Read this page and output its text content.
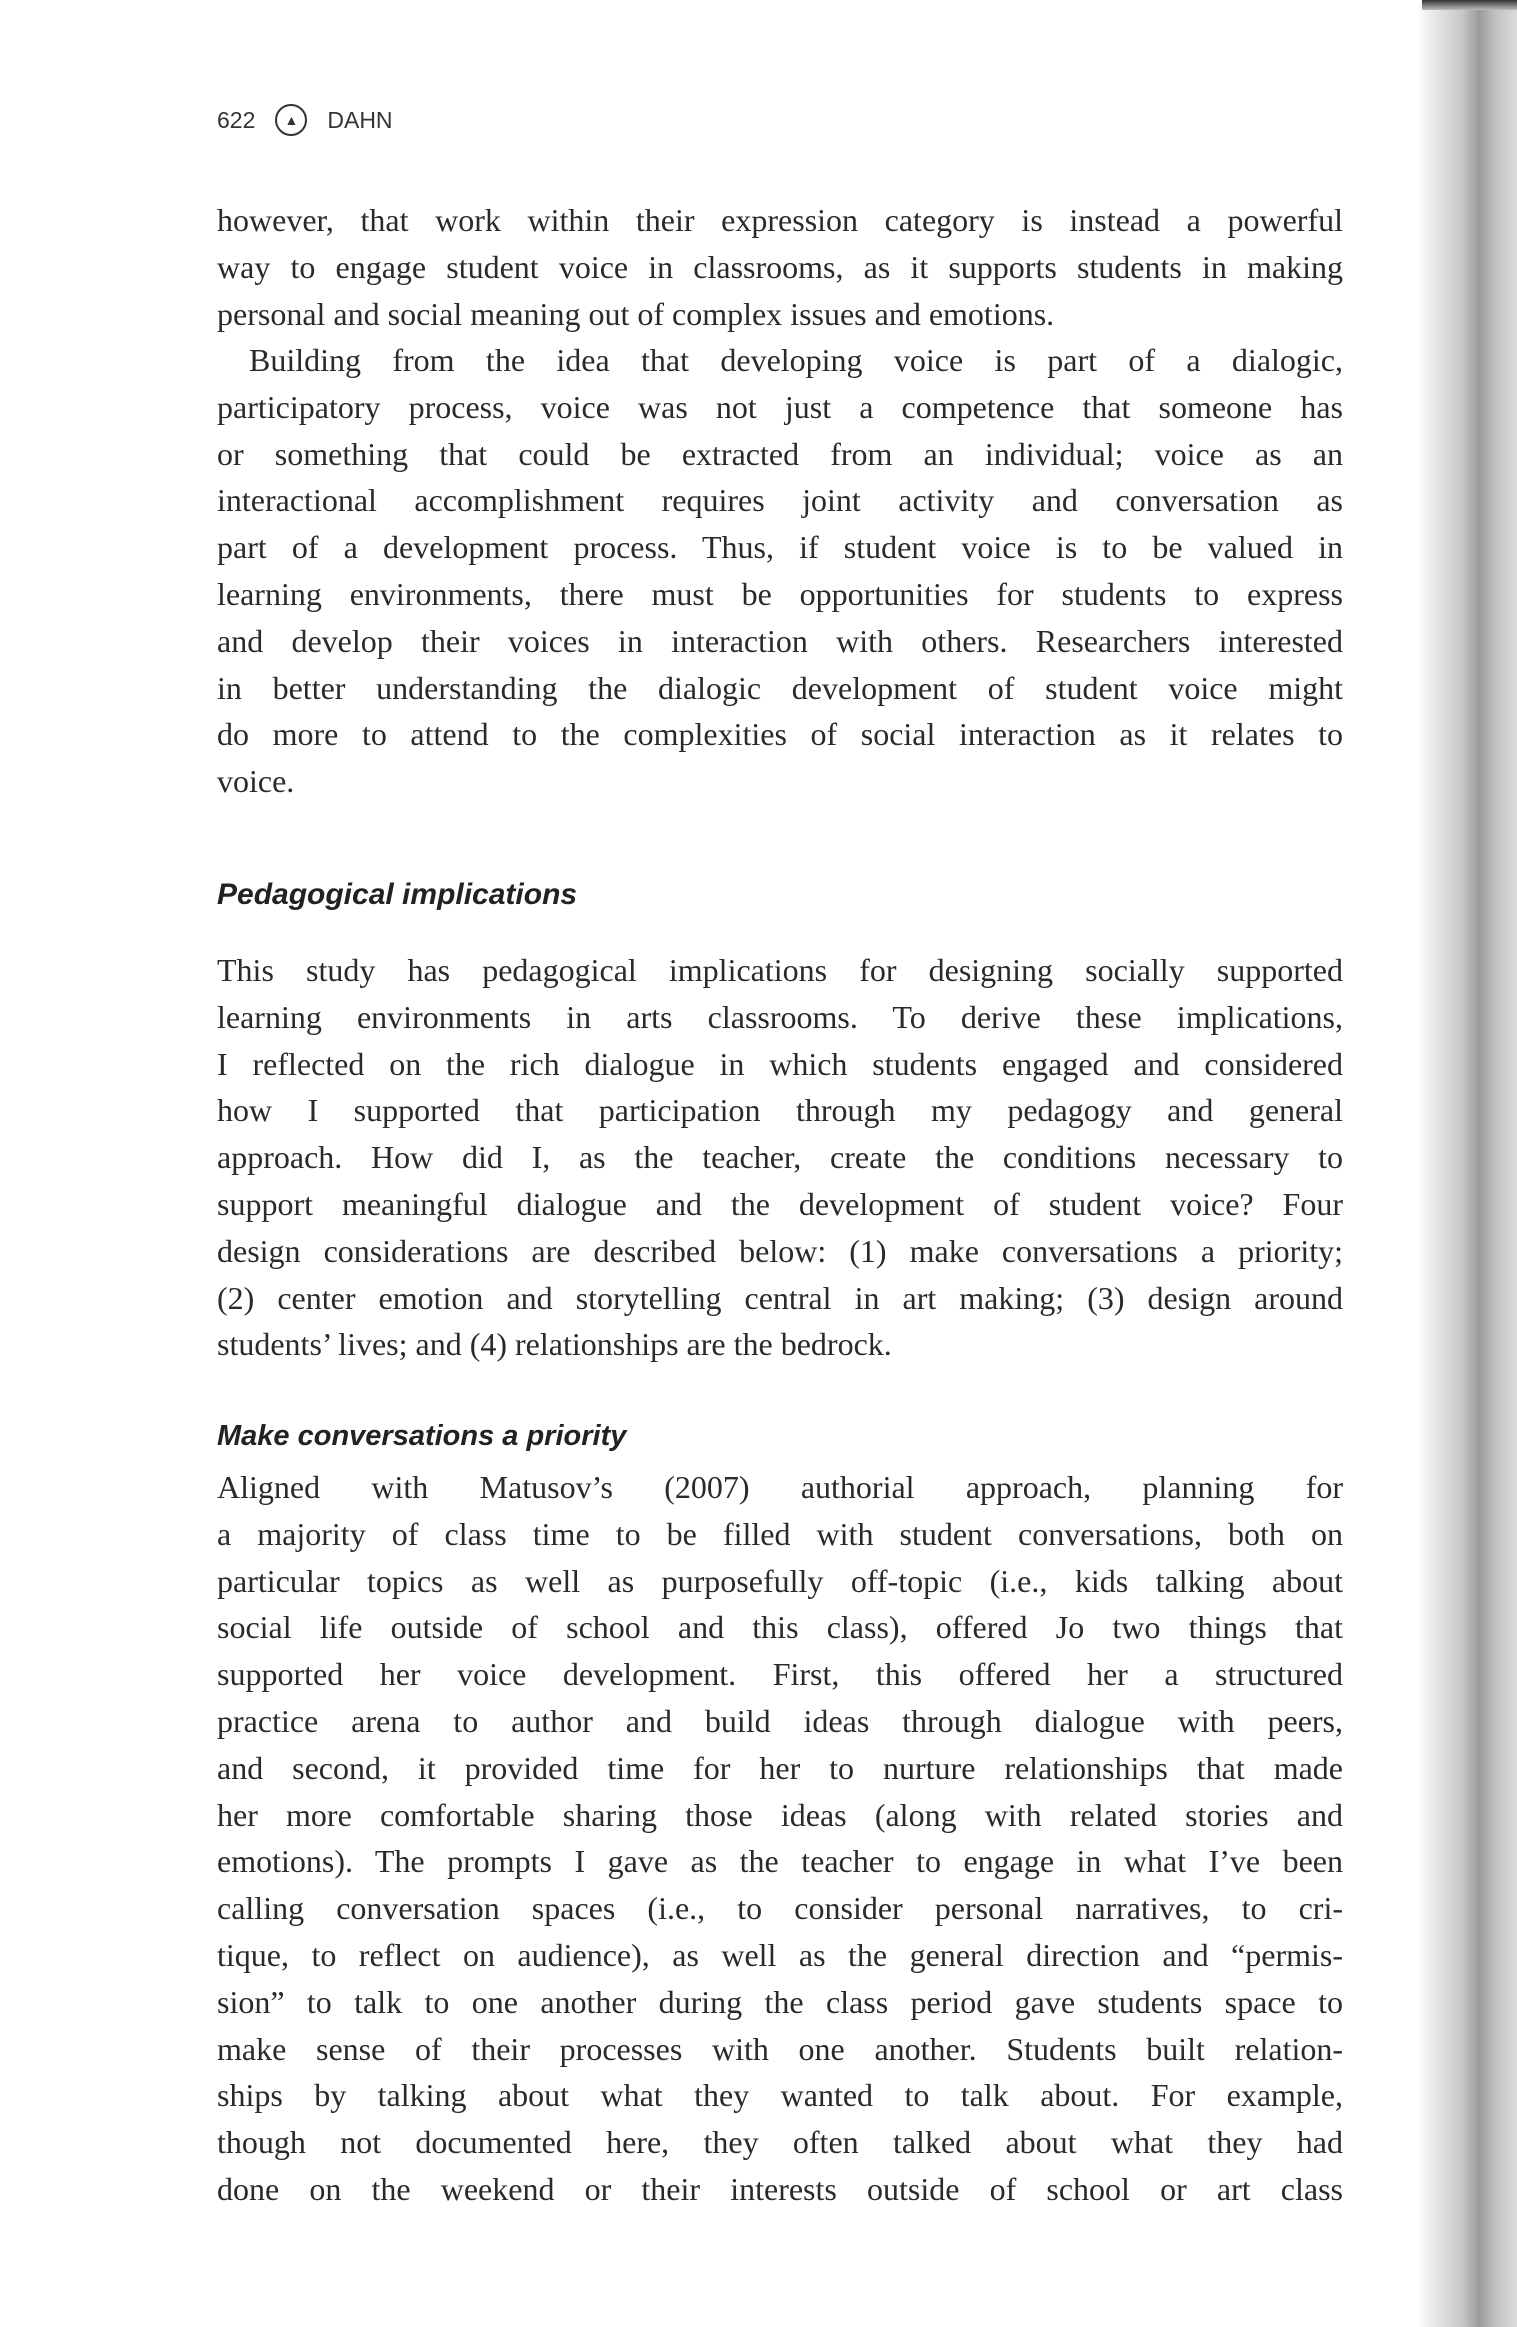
622	▲	DAHN
however, that work within their expression category is instead a powerful
way to engage student voice in classrooms, as it supports students in making
personal and social meaning out of complex issues and emotions.
Building from the idea that developing voice is part of a dialogic,
participatory process, voice was not just a competence that someone has
or something that could be extracted from an individual; voice as an
interactional accomplishment requires joint activity and conversation as
part of a development process. Thus, if student voice is to be valued in
learning environments, there must be opportunities for students to express
and develop their voices in interaction with others. Researchers interested
in better understanding the dialogic development of student voice might
do more to attend to the complexities of social interaction as it relates to
voice.
Pedagogical implications
This study has pedagogical implications for designing socially supported
learning environments in arts classrooms. To derive these implications,
I reflected on the rich dialogue in which students engaged and considered
how I supported that participation through my pedagogy and general
approach. How did I, as the teacher, create the conditions necessary to
support meaningful dialogue and the development of student voice? Four
design considerations are described below: (1) make conversations a priority;
(2) center emotion and storytelling central in art making; (3) design around
students’ lives; and (4) relationships are the bedrock.
Make conversations a priority
Aligned with Matusov’s (2007) authorial approach, planning for
a majority of class time to be filled with student conversations, both on
particular topics as well as purposefully off-topic (i.e., kids talking about
social life outside of school and this class), offered Jo two things that
supported her voice development. First, this offered her a structured
practice arena to author and build ideas through dialogue with peers,
and second, it provided time for her to nurture relationships that made
her more comfortable sharing those ideas (along with related stories and
emotions). The prompts I gave as the teacher to engage in what I’ve been
calling conversation spaces (i.e., to consider personal narratives, to cri-
tique, to reflect on audience), as well as the general direction and “permis-
sion” to talk to one another during the class period gave students space to
make sense of their processes with one another. Students built relation-
ships by talking about what they wanted to talk about. For example,
though not documented here, they often talked about what they had
done on the weekend or their interests outside of school or art class
